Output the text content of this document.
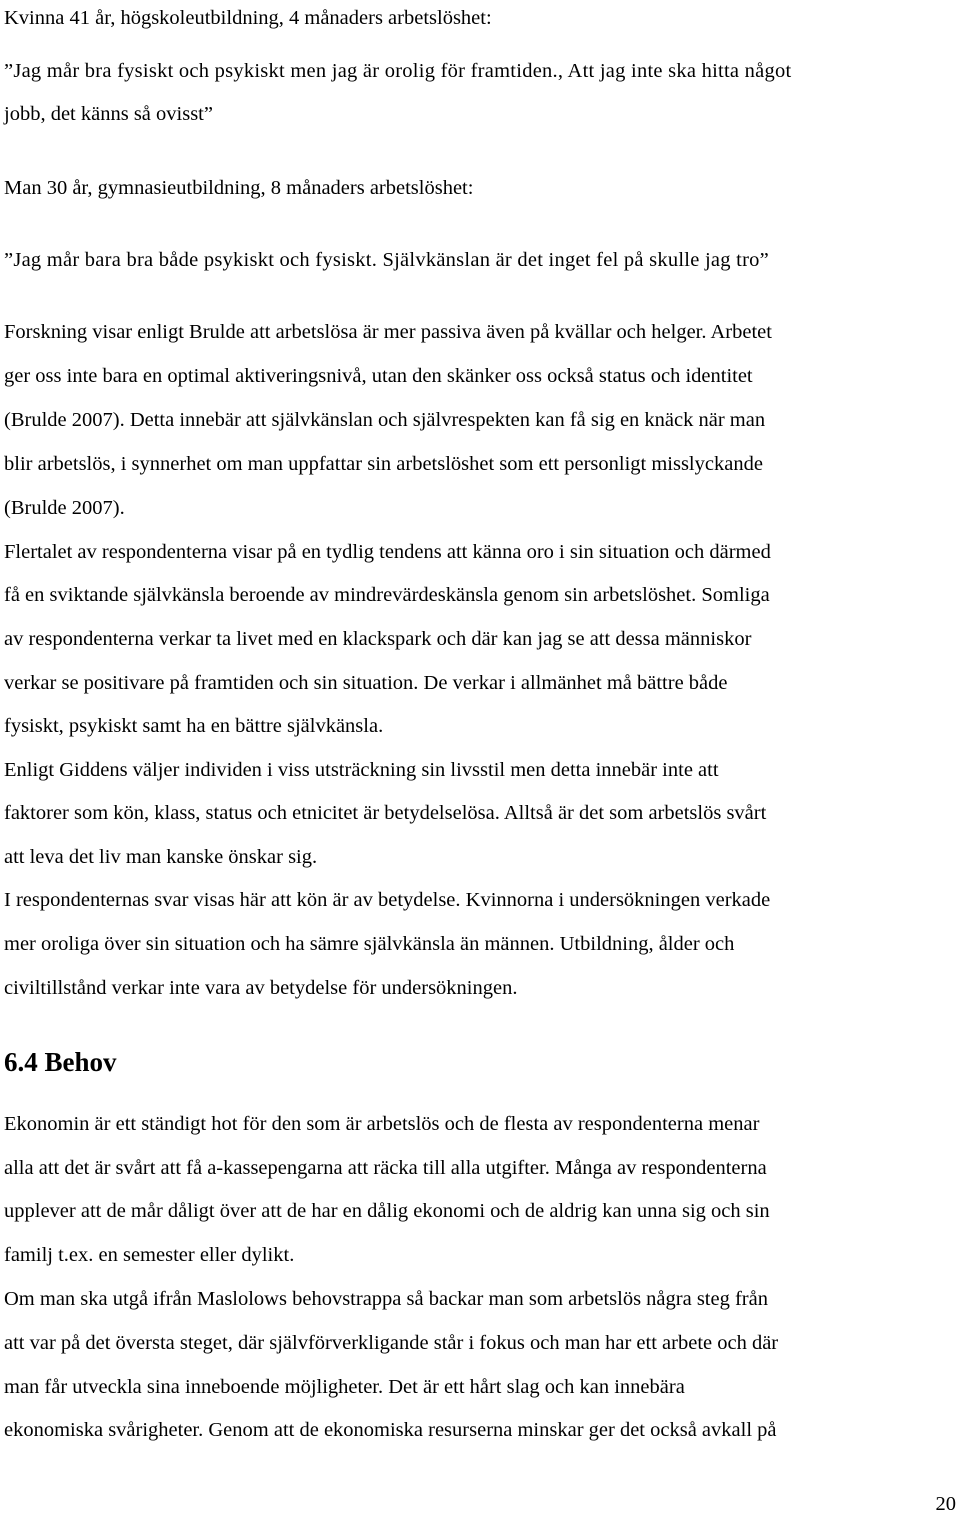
Kvinna 41 år, högskoleutbildning, 4 månaders arbetslöshet:
”Jag mår bra fysiskt och psykiskt men jag är orolig för framtiden., Att jag inte ska hitta något
jobb, det känns så ovisst”
Man 30 år, gymnasieutbildning, 8 månaders arbetslöshet:
”Jag mår bara bra både psykiskt och fysiskt. Självkänslan är det inget fel på skulle jag tro”
Forskning visar enligt Brulde att arbetslösa är mer passiva även på kvällar och helger. Arbetet
ger oss inte bara en optimal aktiveringsnivå, utan den skänker oss också status och identitet
(Brulde 2007). Detta innebär att självkänslan och självrespekten kan få sig en knäck när man
blir arbetslös, i synnerhet om man uppfattar sin arbetslöshet som ett personligt misslyckande
(Brulde 2007).
Flertalet av respondenterna visar på en tydlig tendens att känna oro i sin situation och därmed
få en sviktande självkänsla beroende av mindrevärdeskänsla genom sin arbetslöshet. Somliga
av respondenterna verkar ta livet med en klackspark och där kan jag se att dessa människor
verkar se positivare på framtiden och sin situation. De verkar i allmänhet må bättre både
fysiskt, psykiskt samt ha en bättre självkänsla.
Enligt Giddens väljer individen i viss utsträckning sin livsstil men detta innebär inte att
faktorer som kön, klass, status och etnicitet är betydelselösa. Alltså är det som arbetslös svårt
att leva det liv man kanske önskar sig.
I respondenternas svar visas här att kön är av betydelse. Kvinnorna i undersökningen verkade
mer oroliga över sin situation och ha sämre självkänsla än männen. Utbildning, ålder och
civiltillstånd verkar inte vara av betydelse för undersökningen.
6.4 Behov
Ekonomin är ett ständigt hot för den som är arbetslös och de flesta av respondenterna menar
alla att det är svårt att få a-kassepengarna att räcka till alla utgifter. Många av respondenterna
upplever att de mår dåligt över att de har en dålig ekonomi och de aldrig kan unna sig och sin
familj t.ex. en semester eller dylikt.
Om man ska utgå ifrån Maslolows behovstrappa så backar man som arbetslös några steg från
att var på det översta steget, där självförverkligande står i fokus och man har ett arbete och där
man får utveckla sina inneboende möjligheter. Det är ett hårt slag och kan innebära
ekonomiska svårigheter. Genom att de ekonomiska resurserna minskar ger det också avkall på
20
